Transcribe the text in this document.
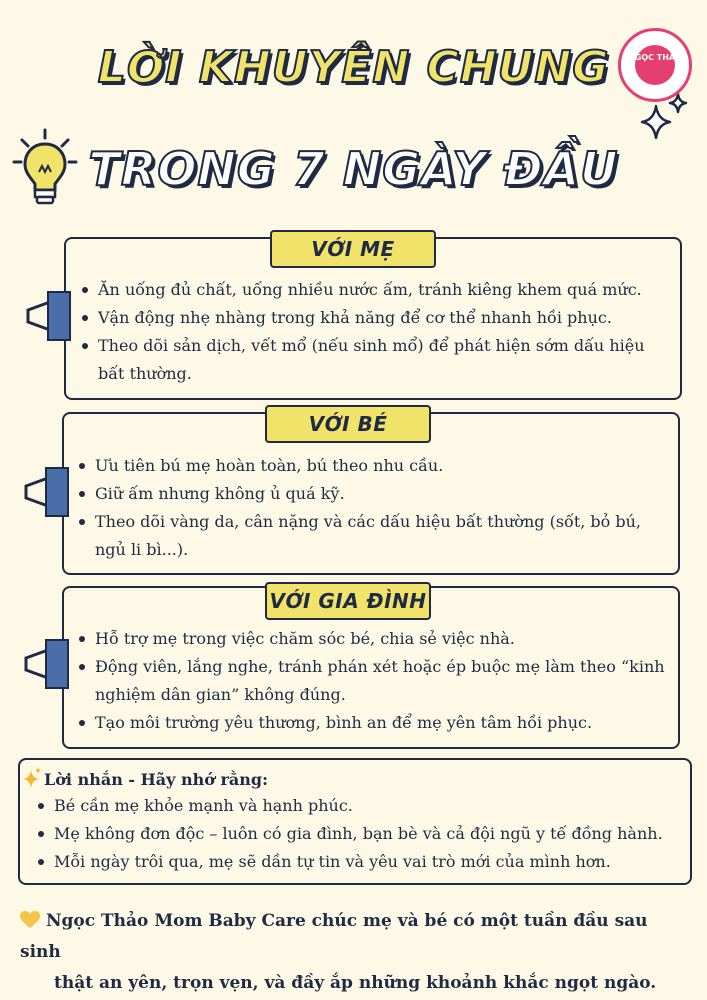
LỜI KHUYÊN CHUNG
TRONG 7 NGÀY ĐẦU
NGỌC THẢO
VỚI MẸ
Ăn uống đủ chất, uống nhiều nước ấm, tránh kiêng khem quá mức.
Vận động nhẹ nhàng trong khả năng để cơ thể nhanh hồi phục.
Theo dõi sản dịch, vết mổ (nếu sinh mổ) để phát hiện sớm dấu hiệu bất thường.
VỚI BÉ
Ưu tiên bú mẹ hoàn toàn, bú theo nhu cầu.
Giữ ấm nhưng không ủ quá kỹ.
Theo dõi vàng da, cân nặng và các dấu hiệu bất thường (sốt, bỏ bú, ngủ li bì...).
VỚI GIA ĐÌNH
Hỗ trợ mẹ trong việc chăm sóc bé, chia sẻ việc nhà.
Động viên, lắng nghe, tránh phán xét hoặc ép buộc mẹ làm theo “kinh nghiệm dân gian” không đúng.
Tạo môi trường yêu thương, bình an để mẹ yên tâm hồi phục.
Lời nhắn - Hãy nhớ rằng:
Bé cần mẹ khỏe mạnh và hạnh phúc.
Mẹ không đơn độc – luôn có gia đình, bạn bè và cả đội ngũ y tế đồng hành.
Mỗi ngày trôi qua, mẹ sẽ dần tự tin và yêu vai trò mới của mình hơn.
Ngọc Thảo Mom Baby Care chúc mẹ và bé có một tuần đầu sau sinh
thật an yên, trọn vẹn, và đầy ắp những khoảnh khắc ngọt ngào.
